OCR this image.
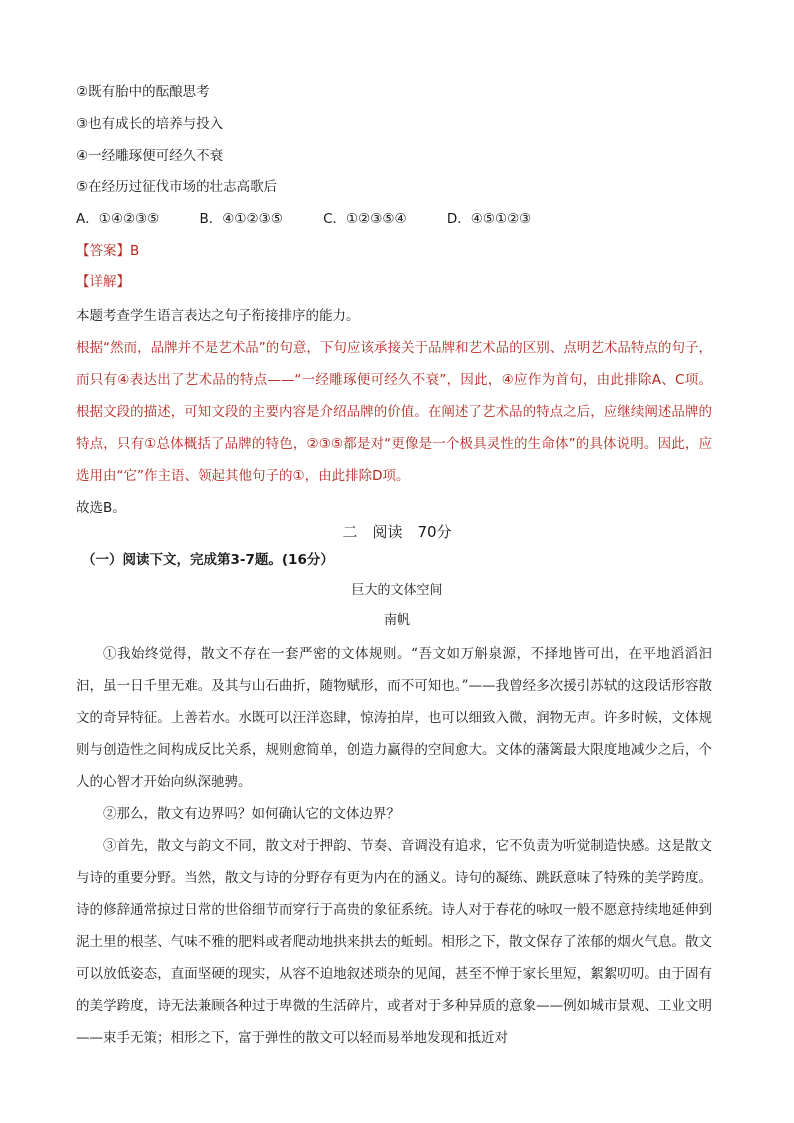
②既有胎中的酝酿思考
③也有成长的培养与投入
④一经雕琢便可经久不衰
⑤在经历过征伐市场的壮志高歌后
A．①④②③⑤	B．④①②③⑤	C．①②③⑤④	D．④⑤①②③
【答案】B
【详解】

本题考查学生语言表达之句子衔接排序的能力。

根据“然而，品牌并不是艺术品”的句意，下句应该承接关于品牌和艺术品的区别、点明艺术品特点的句子，而只有④表达出了艺术品的特点——“一经雕琢便可经久不衰”，因此，④应作为首句，由此排除A、C项。根据文段的描述，可知文段的主要内容是介绍品牌的价值。在阐述了艺术品的特点之后，应继续阐述品牌的特点，只有①总体概括了品牌的特色，②③⑤都是对“更像是一个极具灵性的生命体”的具体说明。因此，应选用由“它”作主语、领起其他句子的①，由此排除D项。

故选B。

二　阅读　70分
（一）阅读下文，完成第3-7题。(16分）
巨大的文体空间
南帆

①我始终觉得，散文不存在一套严密的文体规则。“吾文如万斛泉源，不择地皆可出，在平地滔滔汩汩，虽一日千里无难。及其与山石曲折，随物赋形，而不可知也。”——我曾经多次援引苏轼的这段话形容散文的奇异特征。上善若水。水既可以汪洋恣肆，惊涛拍岸，也可以细致入微，润物无声。许多时候，文体规则与创造性之间构成反比关系，规则愈简单，创造力赢得的空间愈大。文体的藩篱最大限度地减少之后，个人的心智才开始向纵深驰骋。

②那么，散文有边界吗？如何确认它的文体边界？

③首先，散文与韵文不同，散文对于押韵、节奏、音调没有追求，它不负责为听觉制造快感。这是散文与诗的重要分野。当然，散文与诗的分野存有更为内在的涵义。诗句的凝练、跳跃意味了特殊的美学跨度。诗的修辞通常掠过日常的世俗细节而穿行于高贵的象征系统。诗人对于春花的咏叹一般不愿意持续地延伸到泥土里的根茎、气味不雅的肥料或者爬动地拱来拱去的蚯蚓。相形之下，散文保存了浓郁的烟火气息。散文可以放低姿态，直面坚硬的现实，从容不迫地叙述琐杂的见闻，甚至不惮于家长里短，絮絮叨叨。由于固有的美学跨度，诗无法兼顾各种过于卑微的生活碎片，或者对于多种异质的意象——例如城市景观、工业文明——束手无策；相形之下，富于弹性的散文可以轻而易举地发现和抵近对
